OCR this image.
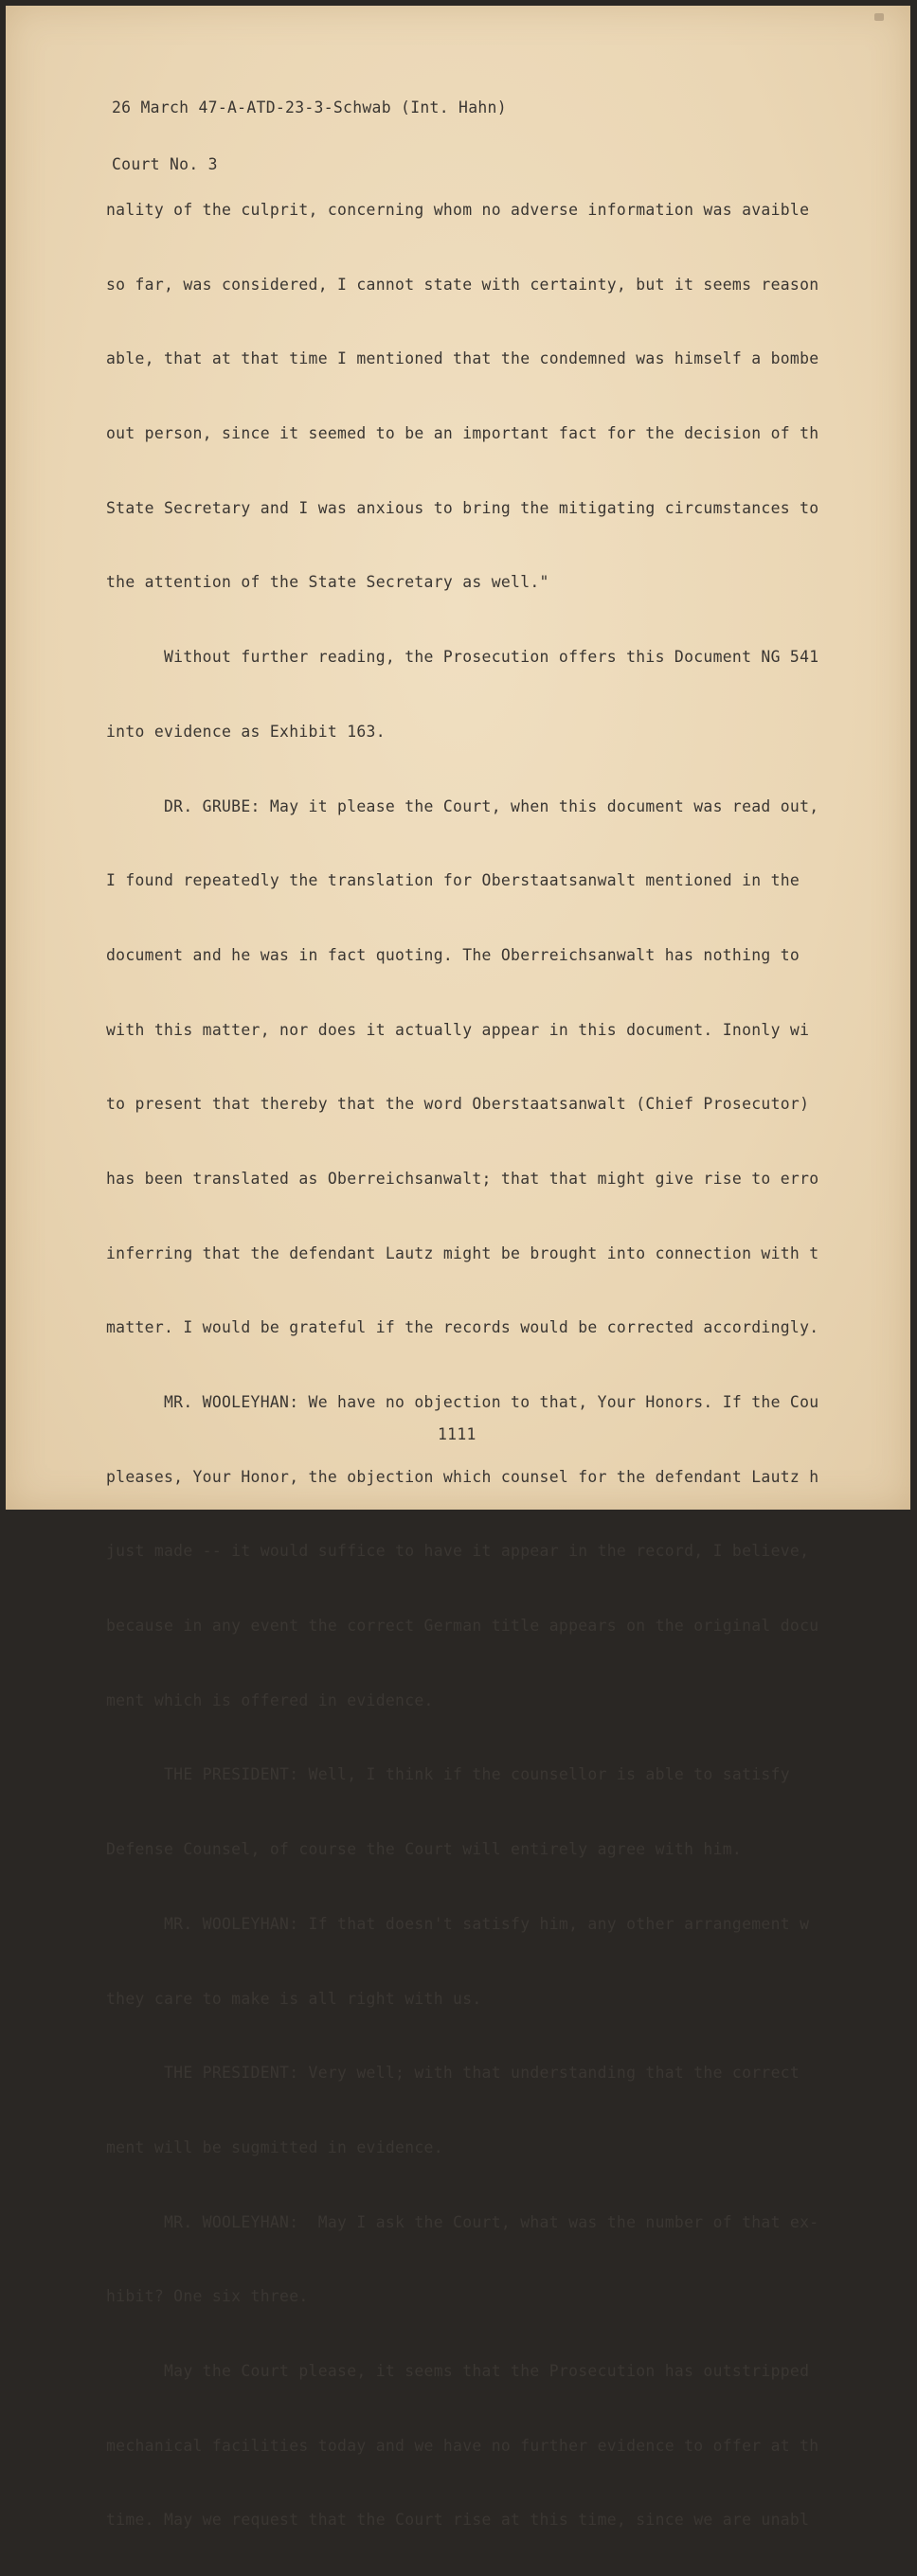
26 March 47-A-ATD-23-3-Schwab (Int. Hahn)

Court No. 3

nality of the culprit, concerning whom no adverse information was avaible

so far, was considered, I cannot state with certainty, but it seems reason

able, that at that time I mentioned that the condemned was himself a bombe

out person, since it seemed to be an important fact for the decision of th

State Secretary and I was anxious to bring the mitigating circumstances to

the attention of the State Secretary as well."

Without further reading, the Prosecution offers this Document NG 541

into evidence as Exhibit 163.

DR. GRUBE: May it please the Court, when this document was read out,

I found repeatedly the translation for Oberstaatsanwalt mentioned in the

document and he was in fact quoting. The Oberreichsanwalt has nothing to

with this matter, nor does it actually appear in this document. Inonly wi

to present that thereby that the word Oberstaatsanwalt (Chief Prosecutor)

has been translated as Oberreichsanwalt; that that might give rise to erro

inferring that the defendant Lautz might be brought into connection with t

matter. I would be grateful if the records would be corrected accordingly.

MR. WOOLEYHAN: We have no objection to that, Your Honors. If the Cou

pleases, Your Honor, the objection which counsel for the defendant Lautz h

just made -- it would suffice to have it appear in the record, I believe,

because in any event the correct German title appears on the original docu

ment which is offered in evidence.

THE PRESIDENT: Well, I think if the counsellor is able to satisfy

Defense Counsel, of course the Court will entirely agree with him.

MR. WOOLEYHAN: If that doesn't satisfy him, any other arrangement w

they care to make is all right with us.

THE PRESIDENT: Very well; with that understanding that the correct

ment will be sugmitted in evidence.

MR. WOOLEYHAN:  May I ask the Court, what was the number of that ex-

hibit? One six three.

May the Court please, it seems that the Prosecution has outstripped

mechanical facilities today and we have no further evidence to offer at th

time. May we request that the Court rise at this time, since we are unabl

1111
